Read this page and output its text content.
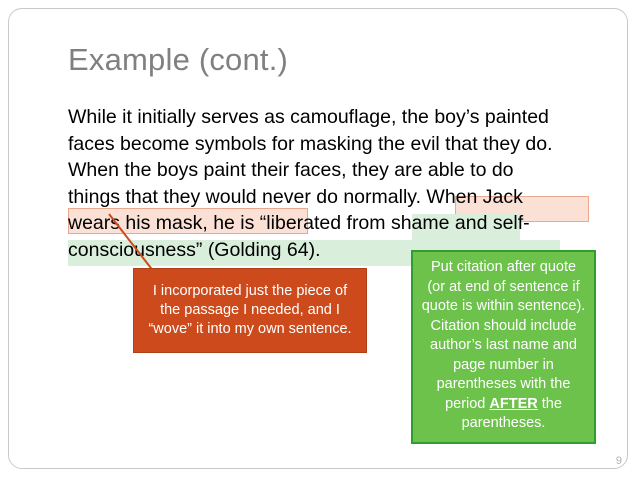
Example (cont.)
While it initially serves as camouflage, the boy’s painted faces become symbols for masking the evil that they do. When the boys paint their faces, they are able to do things that they would never do normally. When Jack wears his mask, he is “liberated from shame and self-consciousness” (Golding 64).
I incorporated just the piece of the passage I needed, and I “wove” it into my own sentence.
Put citation after quote (or at end of sentence if quote is within sentence). Citation should include author’s last name and page number in parentheses with the period AFTER the parentheses.
9
